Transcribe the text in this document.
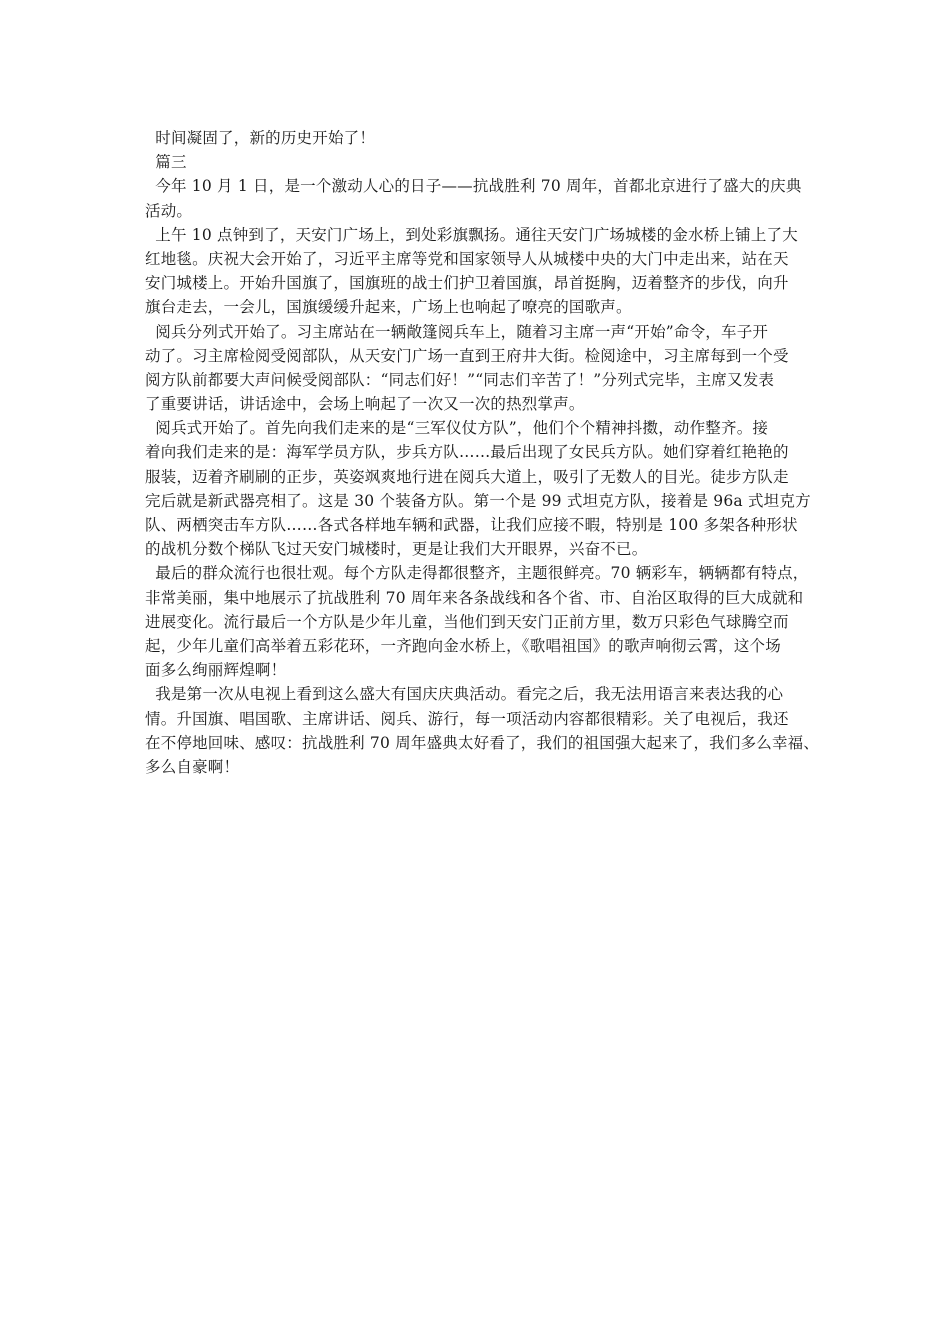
时间凝固了，新的历史开始了！
篇三
今年 10 月 1 日，是一个激动人心的日子——抗战胜利 70 周年，首都北京进行了盛大的庆典
活动。
上午 10 点钟到了，天安门广场上，到处彩旗飘扬。通往天安门广场城楼的金水桥上铺上了大
红地毯。庆祝大会开始了，习近平主席等党和国家领导人从城楼中央的大门中走出来，站在天
安门城楼上。开始升国旗了，国旗班的战士们护卫着国旗，昂首挺胸，迈着整齐的步伐，向升
旗台走去，一会儿，国旗缓缓升起来，广场上也响起了嘹亮的国歌声。
阅兵分列式开始了。习主席站在一辆敞篷阅兵车上，随着习主席一声“开始”命令，车子开
动了。习主席检阅受阅部队，从天安门广场一直到王府井大街。检阅途中，习主席每到一个受
阅方队前都要大声问候受阅部队：“同志们好！”“同志们辛苦了！”分列式完毕，主席又发表
了重要讲话，讲话途中，会场上响起了一次又一次的热烈掌声。
阅兵式开始了。首先向我们走来的是“三军仪仗方队”，他们个个精神抖擞，动作整齐。接
着向我们走来的是：海军学员方队，步兵方队……最后出现了女民兵方队。她们穿着红艳艳的
服装，迈着齐刷刷的正步，英姿飒爽地行进在阅兵大道上，吸引了无数人的目光。徒步方队走
完后就是新武器亮相了。这是 30 个装备方队。第一个是 99 式坦克方队，接着是 96a 式坦克方
队、两栖突击车方队……各式各样地车辆和武器，让我们应接不暇，特别是 100 多架各种形状
的战机分数个梯队飞过天安门城楼时，更是让我们大开眼界，兴奋不已。
最后的群众流行也很壮观。每个方队走得都很整齐，主题很鲜亮。70 辆彩车，辆辆都有特点，
非常美丽，集中地展示了抗战胜利 70 周年来各条战线和各个省、市、自治区取得的巨大成就和
进展变化。流行最后一个方队是少年儿童，当他们到天安门正前方里，数万只彩色气球腾空而
起，少年儿童们高举着五彩花环，一齐跑向金水桥上，《歌唱祖国》的歌声响彻云霄，这个场
面多么绚丽辉煌啊！
我是第一次从电视上看到这么盛大有国庆庆典活动。看完之后，我无法用语言来表达我的心
情。升国旗、唱国歌、主席讲话、阅兵、游行，每一项活动内容都很精彩。关了电视后，我还
在不停地回味、感叹：抗战胜利 70 周年盛典太好看了，我们的祖国强大起来了，我们多么幸福、
多么自豪啊！
